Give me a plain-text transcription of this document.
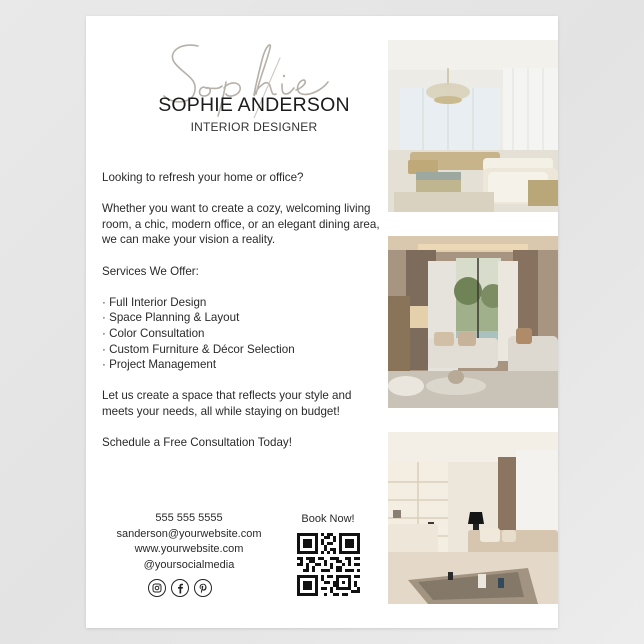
SOPHIE ANDERSON
INTERIOR DESIGNER

Looking to refresh your home or office?

Whether you want to create a cozy, welcoming living room, a chic, modern office, or an elegant dining area, we can make your vision a reality.

Services We Offer:

· Full Interior Design

· Space Planning & Layout

· Color Consultation

· Custom Furniture & Décor Selection

· Project Management

Let us create a space that reflects your style and meets your needs, all while staying on budget!

Schedule a Free Consultation Today!

555 555 5555
sanderson@yourwebsite.com
www.yourwebsite.com
@yoursocialmedia
Book Now!
